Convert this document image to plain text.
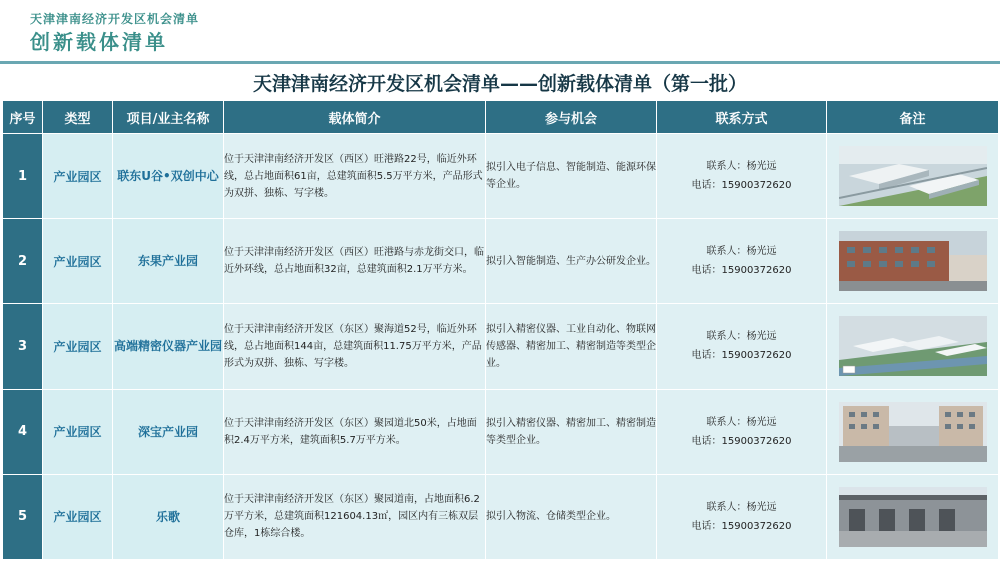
天津津南经济开发区机会清单
创新载体清单
天津津南经济开发区机会清单——创新载体清单（第一批）
序号	类型	项目/业主名称	载体简介	参与机会	联系方式	备注
1	产业园区	联东U谷•双创中心	位于天津津南经济开发区（西区）旺港路22号，临近外环线，总占地面积61亩，总建筑面积5.5万平方米，产品形式为双拼、独栋、写字楼。	拟引入电子信息、智能制造、能源环保等企业。	联系人：杨光远
电话：15900372620

2	产业园区	东果产业园	位于天津津南经济开发区（西区）旺港路与赤龙街交口，临近外环线，总占地面积32亩，总建筑面积2.1万平方米。	拟引入智能制造、生产办公研发企业。	联系人：杨光远
电话：15900372620

3	产业园区	高端精密仪器产业园	位于天津津南经济开发区（东区）聚海道52号，临近外环线，总占地面积144亩，总建筑面积11.75万平方米，产品形式为双拼、独栋、写字楼。	拟引入精密仪器、工业自动化、物联网传感器、精密加工、精密制造等类型企业。	联系人：杨光远
电话：15900372620

4	产业园区	深宝产业园	位于天津津南经济开发区（东区）聚园道北50米，占地面积2.4万平方米，建筑面积5.7万平方米。	拟引入精密仪器、精密加工、精密制造等类型企业。	联系人：杨光远
电话：15900372620

5	产业园区	乐歌	位于天津津南经济开发区（东区）聚园道南，占地面积6.2万平方米，总建筑面积121604.13㎡，园区内有三栋双层仓库，1栋综合楼。	拟引入物流、仓储类型企业。	联系人：杨光远
电话：15900372620
